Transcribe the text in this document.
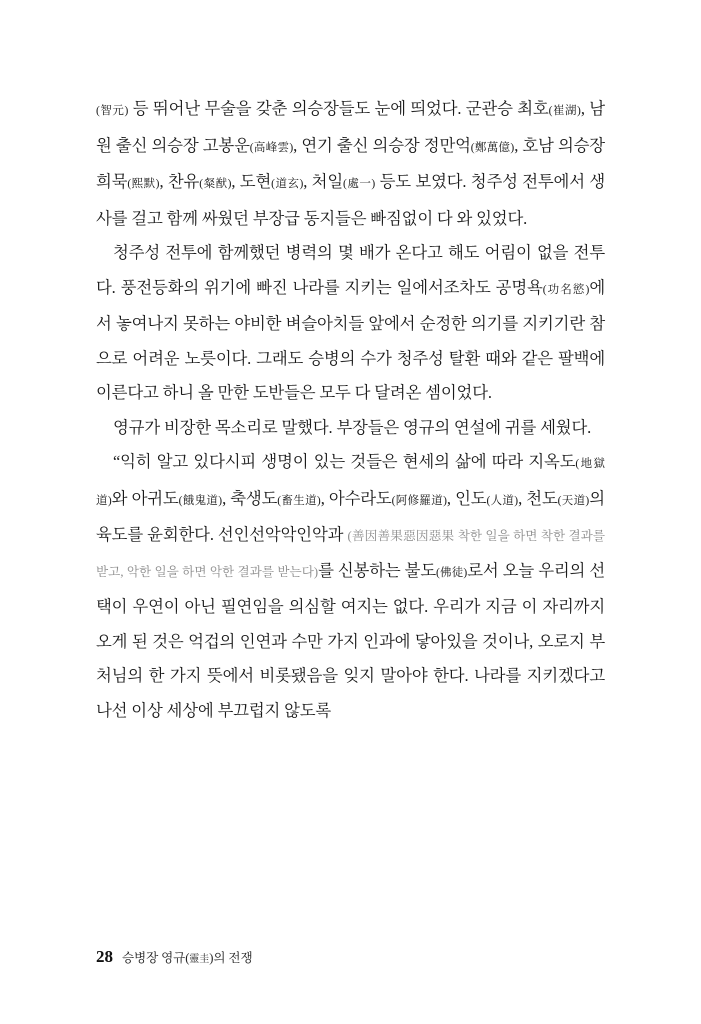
(智元) 등 뛰어난 무술을 갖춘 의승장들도 눈에 띄었다. 군관승 최호(崔湖), 남원 출신 의승장 고봉운(高峰雲), 연기 출신 의승장 정만억(鄭萬億), 호남 의승장 희묵(熙默), 찬유(粲猷), 도현(道玄), 처일(處一) 등도 보였다. 청주성 전투에서 생사를 걸고 함께 싸웠던 부장급 동지들은 빠짐없이 다 와 있었다.

청주성 전투에 함께했던 병력의 몇 배가 온다고 해도 어림이 없을 전투다. 풍전등화의 위기에 빠진 나라를 지키는 일에서조차도 공명욕(功名慾)에서 놓여나지 못하는 야비한 벼슬아치들 앞에서 순정한 의기를 지키기란 참으로 어려운 노릇이다. 그래도 승병의 수가 청주성 탈환 때와 같은 팔백에 이른다고 하니 올 만한 도반들은 모두 다 달려온 셈이었다.

영규가 비장한 목소리로 말했다. 부장들은 영규의 연설에 귀를 세웠다.

“익히 알고 있다시피 생명이 있는 것들은 현세의 삶에 따라 지옥도(地獄道)와 아귀도(餓鬼道), 축생도(畜生道), 아수라도(阿修羅道), 인도(人道), 천도(天道)의 육도를 윤회한다. 선인선악악인악과 (善因善果惡因惡果 착한 일을 하면 착한 결과를 받고, 악한 일을 하면 악한 결과를 받는다)를 신봉하는 불도(佛徒)로서 오늘 우리의 선택이 우연이 아닌 필연임을 의심할 여지는 없다. 우리가 지금 이 자리까지 오게 된 것은 억겁의 인연과 수만 가지 인과에 닿아있을 것이나, 오로지 부처님의 한 가지 뜻에서 비롯됐음을 잊지 말아야 한다. 나라를 지키겠다고 나선 이상 세상에 부끄럽지 않도록

28 승병장 영규(靈圭)의 전쟁
